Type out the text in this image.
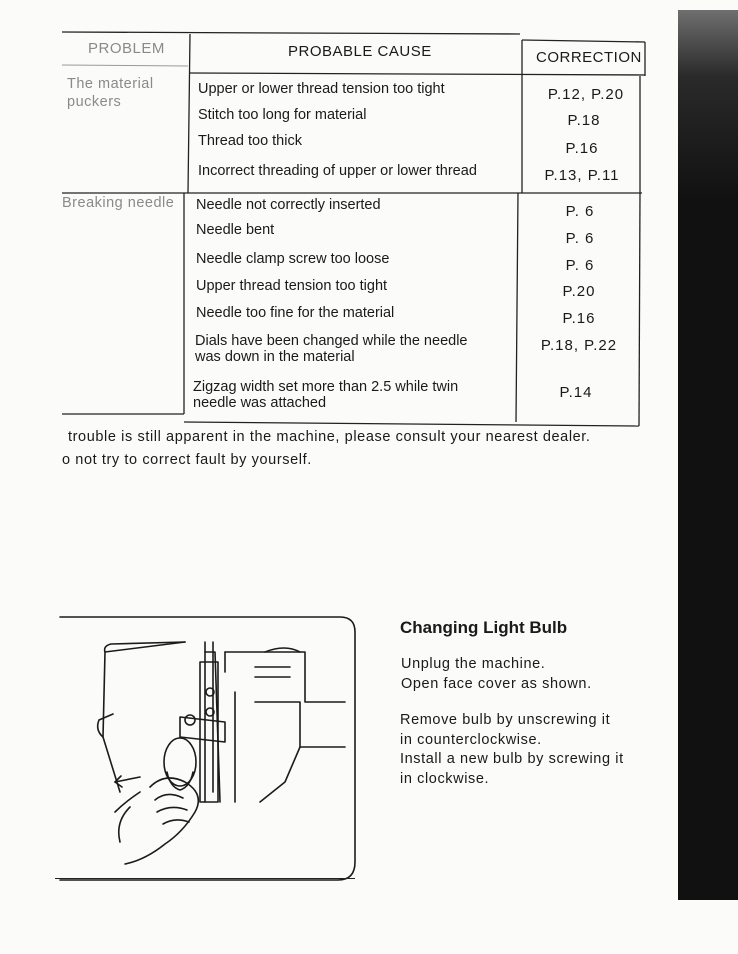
PROBLEM	PROBABLE CAUSE	CORRECTION
The material
puckers
Upper or lower thread tension too tight
Stitch too long for material
Thread too thick
Incorrect threading of upper or lower thread
P.12, P.20
P.18
P.16
P.13, P.11
Breaking needle Needle not correctly inserted
Needle bent
Needle clamp screw too loose
Upper thread tension too tight
Needle too fine for the material
Dials have been changed while the needle
was down in the material
Zigzag width set more than 2.5 while twin
needle was attached
P. 6
P. 6
P. 6
P.20
P.16
P.18, P.22
P.14
trouble is still apparent in the machine, please consult your nearest dealer.
o not try to correct fault by yourself.
Changing Light Bulb
Unplug the machine.
Open face cover as shown.
Remove bulb by unscrewing it
in counterclockwise.
Install a new bulb by screwing it
in clockwise.
